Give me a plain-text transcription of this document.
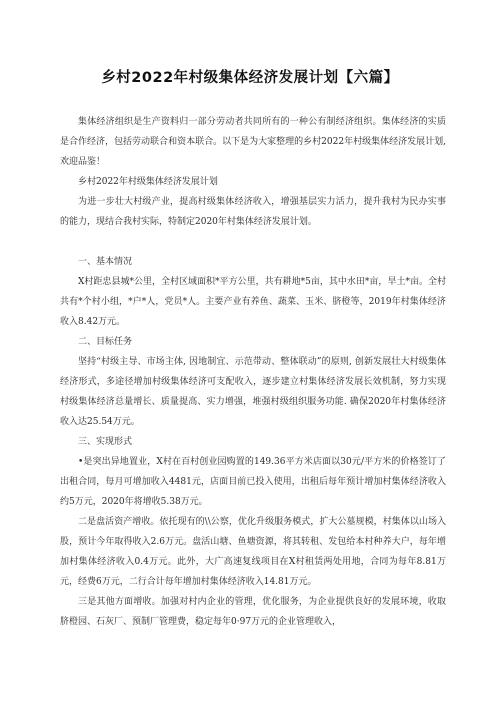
乡村2022年村级集体经济发展计划【六篇】

集体经济组织是生产资料归一部分劳动者共同所有的一种公有制经济组织。集体经济的实质是合作经济，包括劳动联合和资本联合。以下是为大家整理的乡村2022年村级集体经济发展计划, 欢迎品鉴！

乡村2022年村级集体经济发展计划

为进一步壮大村级产业，提高村级集体经济收入，增强基层实力活力，提升我村为民办实事的能力，现结合我村实际，特制定2020年村集体经济发展计划。

一、基本情况

X村距忠县城*公里，全村区域面积*平方公里，共有耕地*5亩，其中水田*亩，旱土*亩。全村共有*个村小组，*户*人，党员*人。主要产业有养鱼、蔬菜、玉米、脐橙等，2019年村集体经济收入8.42万元。

二、目标任务

坚持“村级主导、市场主体, 因地制宜、示范带动、整体联动”的原则, 创新发展壮大村级集体经济形式，多途径增加村级集体经济可支配收入，逐步建立村集体经济发展长效机制，努力实现村级集体经济总量增长、质量提高、实力增强，堆强村级组织服务功能. 确保2020年村集体经济收入达25.54万元。

三、实现形式

•是突出异地置业，X村在百村创业园购置的149.36平方米店面以30元/平方米的价格签订了出租合同，每月可增加收入4481元，店面目前已投入使用，出租后每年预计增加村集体经济收入约5万元，2020年将增收5.38万元。

二是盘活资产增收。依托现有的\\公察，优化升级服务模式，扩大公墓规模，村集体以山场入股，预计今年取得收入2.6万元。盘活山塘、鱼塘资源，将其转租、发包给本村种养大户，每年增加村集体经济收入0.4万元。此外，大广高速复线项目在X村租赁两处用地，合同为每年8.81万元，经费6万元，二行合计每年增加村集体经济收入14.81万元。

三是其他方面增收。加强对村内企业的管理，优化服务，为企业提供良好的发展环境，收取脐橙园、石灰厂、预制厂管理费，稳定每年0·97万元的企业管理收入，
